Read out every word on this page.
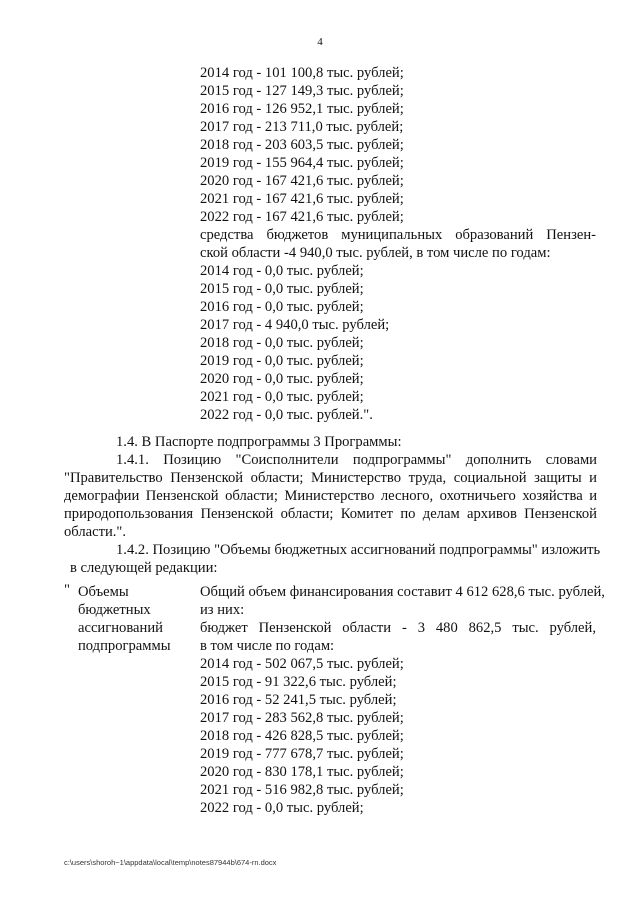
4
2014 год - 101 100,8 тыс. рублей;
2015 год - 127 149,3 тыс. рублей;
2016 год - 126 952,1 тыс. рублей;
2017 год - 213 711,0 тыс. рублей;
2018 год - 203 603,5 тыс. рублей;
2019 год - 155 964,4 тыс. рублей;
2020 год - 167 421,6 тыс. рублей;
2021 год - 167 421,6 тыс. рублей;
2022 год - 167 421,6 тыс. рублей;
средства бюджетов муниципальных образований Пензен-
ской области -4 940,0 тыс. рублей, в том числе по годам:
2014 год - 0,0 тыс. рублей;
2015 год - 0,0 тыс. рублей;
2016 год - 0,0 тыс. рублей;
2017 год - 4 940,0 тыс. рублей;
2018 год - 0,0 тыс. рублей;
2019 год - 0,0 тыс. рублей;
2020 год - 0,0 тыс. рублей;
2021 год - 0,0 тыс. рублей;
2022 год - 0,0 тыс. рублей.".
1.4. В Паспорте подпрограммы 3 Программы:
1.4.1. Позицию "Соисполнители подпрограммы" дополнить словами
"Правительство Пензенской области; Министерство труда, социальной защиты и
демографии Пензенской области; Министерство лесного, охотничьего хозяйства и
природопользования Пензенской области; Комитет по делам архивов Пензенской
области.".
1.4.2. Позицию "Объемы бюджетных ассигнований подпрограммы" изложить
в следующей редакции:
" Объемы
бюджетных
ассигнований
подпрограммы
Общий объем финансирования составит 4 612 628,6 тыс. рублей,
из них:
бюджет Пензенской области - 3 480 862,5 тыс. рублей,
в том числе по годам:
2014 год - 502 067,5 тыс. рублей;
2015 год - 91 322,6 тыс. рублей;
2016 год - 52 241,5 тыс. рублей;
2017 год - 283 562,8 тыс. рублей;
2018 год - 426 828,5 тыс. рублей;
2019 год - 777 678,7 тыс. рублей;
2020 год - 830 178,1 тыс. рублей;
2021 год - 516 982,8 тыс. рублей;
2022 год - 0,0 тыс. рублей;
c:\users\shoroh~1\appdata\local\temp\notes87944b\674-rn.docx
